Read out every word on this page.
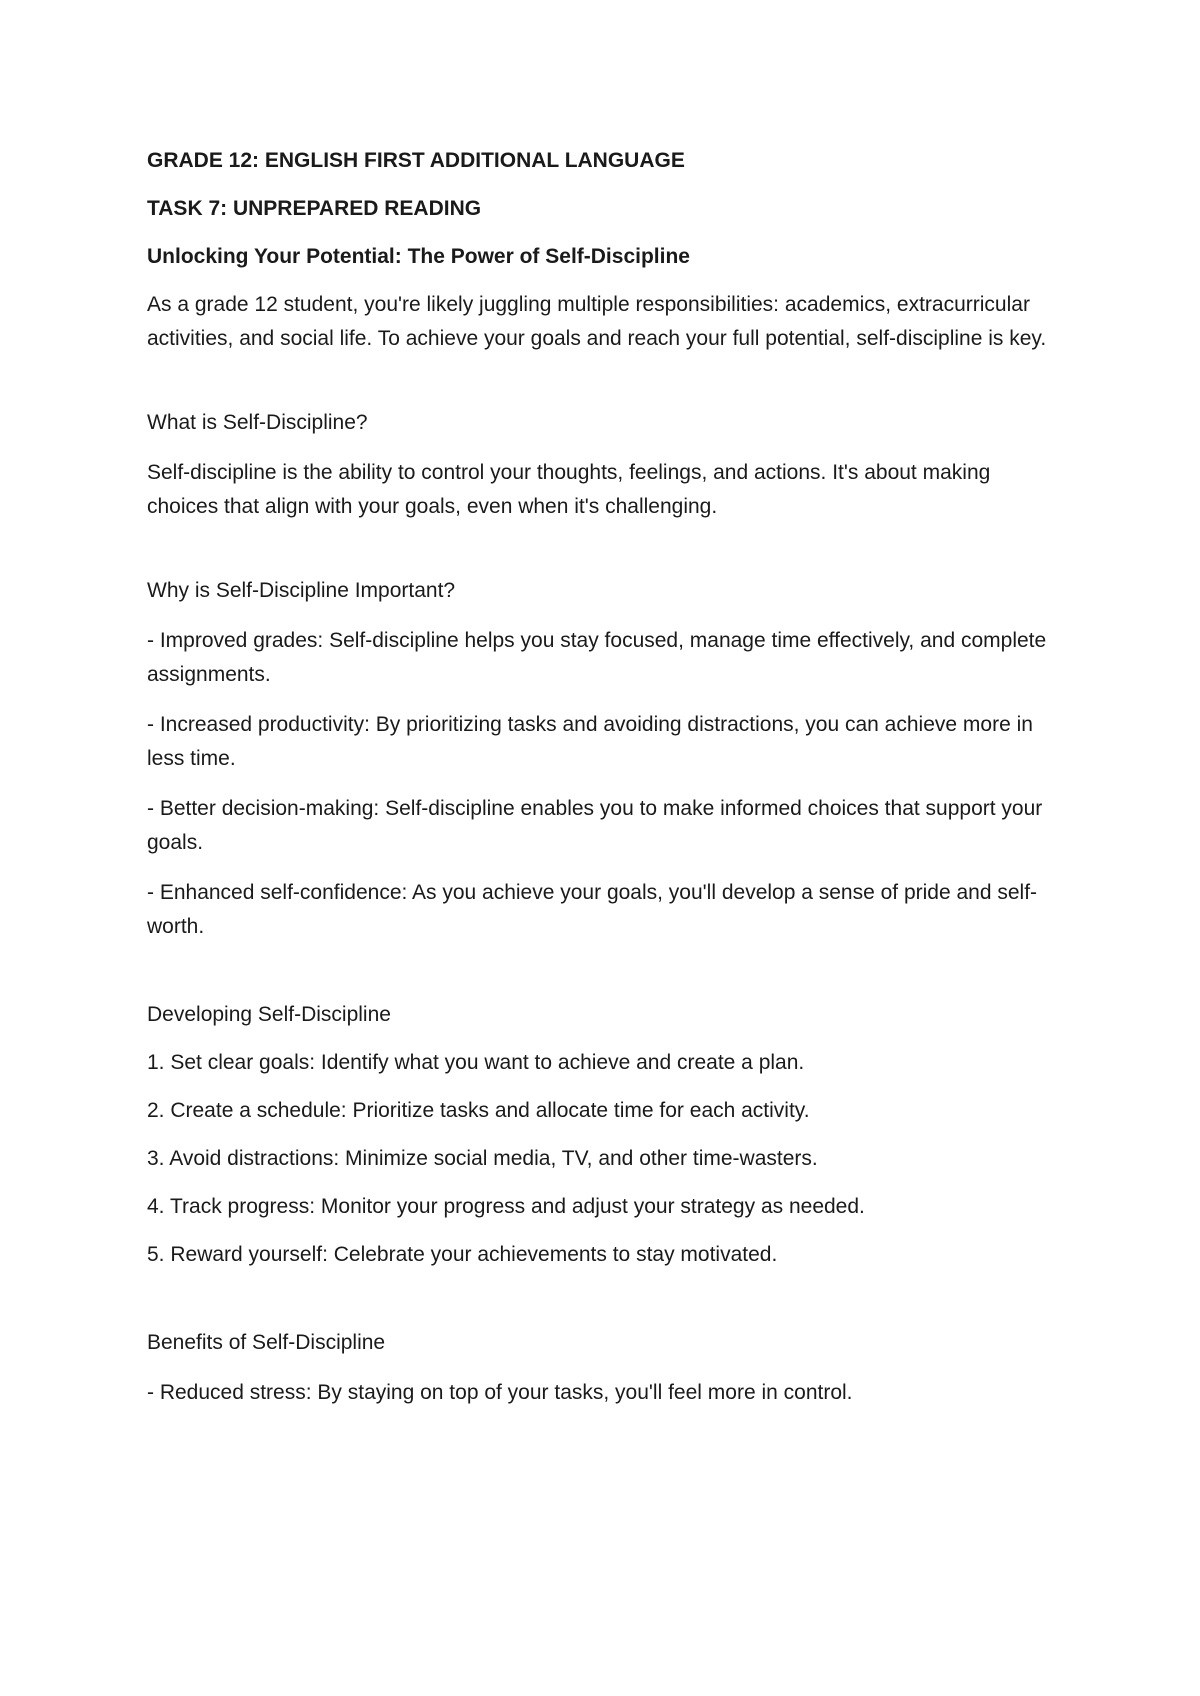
GRADE 12: ENGLISH FIRST ADDITIONAL LANGUAGE

TASK 7: UNPREPARED READING

Unlocking Your Potential: The Power of Self-Discipline

As a grade 12 student, you're likely juggling multiple responsibilities: academics, extracurricular activities, and social life. To achieve your goals and reach your full potential, self-discipline is key.

What is Self-Discipline?

Self-discipline is the ability to control your thoughts, feelings, and actions. It's about making choices that align with your goals, even when it's challenging.

Why is Self-Discipline Important?

- Improved grades: Self-discipline helps you stay focused, manage time effectively, and complete assignments.

- Increased productivity: By prioritizing tasks and avoiding distractions, you can achieve more in less time.

- Better decision-making: Self-discipline enables you to make informed choices that support your goals.

- Enhanced self-confidence: As you achieve your goals, you'll develop a sense of pride and self-worth.

Developing Self-Discipline

1. Set clear goals: Identify what you want to achieve and create a plan.

2. Create a schedule: Prioritize tasks and allocate time for each activity.

3. Avoid distractions: Minimize social media, TV, and other time-wasters.

4. Track progress: Monitor your progress and adjust your strategy as needed.

5. Reward yourself: Celebrate your achievements to stay motivated.

Benefits of Self-Discipline

- Reduced stress: By staying on top of your tasks, you'll feel more in control.
